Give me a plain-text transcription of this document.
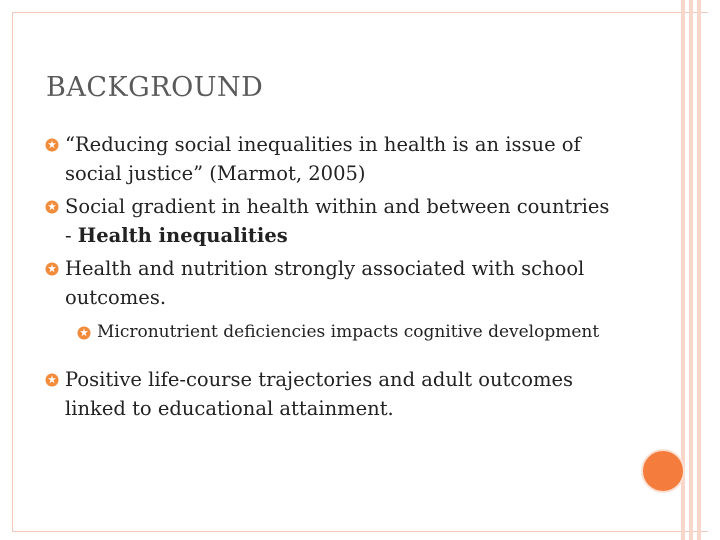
BACKGROUND
“Reducing social inequalities in health is an issue of social justice” (Marmot, 2005)
Social gradient in health within and between countries - Health inequalities
Health and nutrition strongly associated with school outcomes.
Micronutrient deficiencies impacts cognitive development
Positive life-course trajectories and adult outcomes linked to educational attainment.
